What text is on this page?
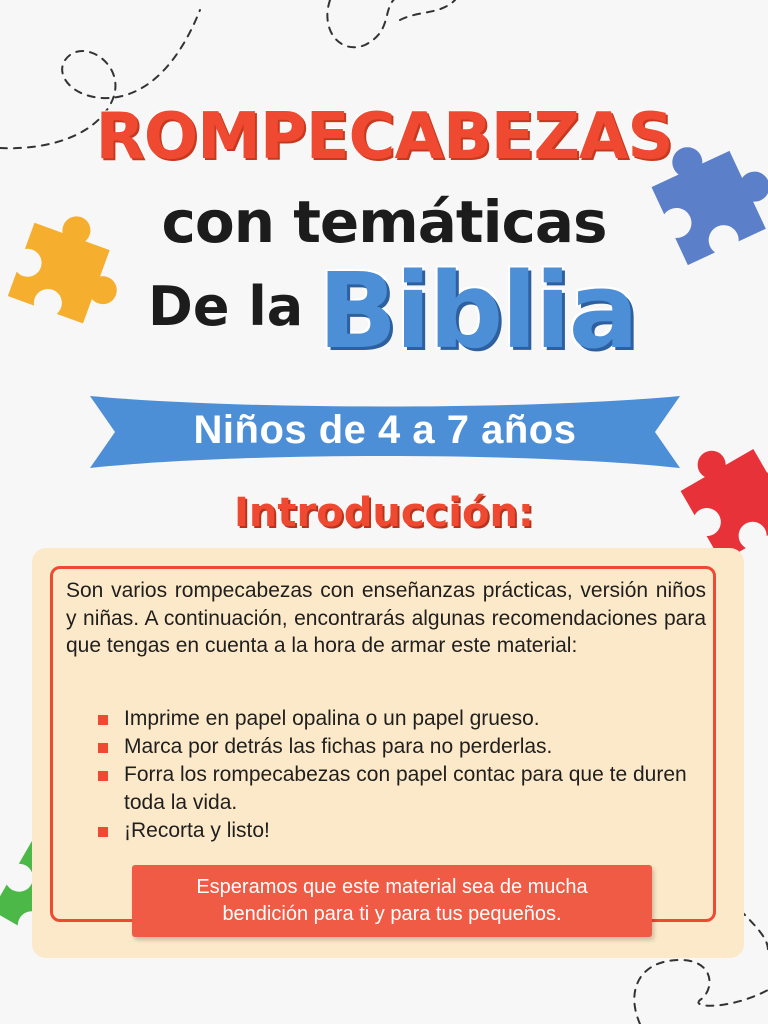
ROMPECABEZAS
con temáticas
De la Biblia
Niños de 4 a 7 años
Introducción:
Son varios rompecabezas con enseñanzas prácticas, versión niños y niñas. A continuación, encontrarás algunas recomendaciones para que tengas en cuenta a la hora de armar este material:
Imprime en papel opalina o un papel grueso.
Marca por detrás las fichas para no perderlas.
Forra los rompecabezas con papel contac para que te duren toda la vida.
¡Recorta y listo!
Esperamos que este material sea de mucha bendición para ti y para tus pequeños.
